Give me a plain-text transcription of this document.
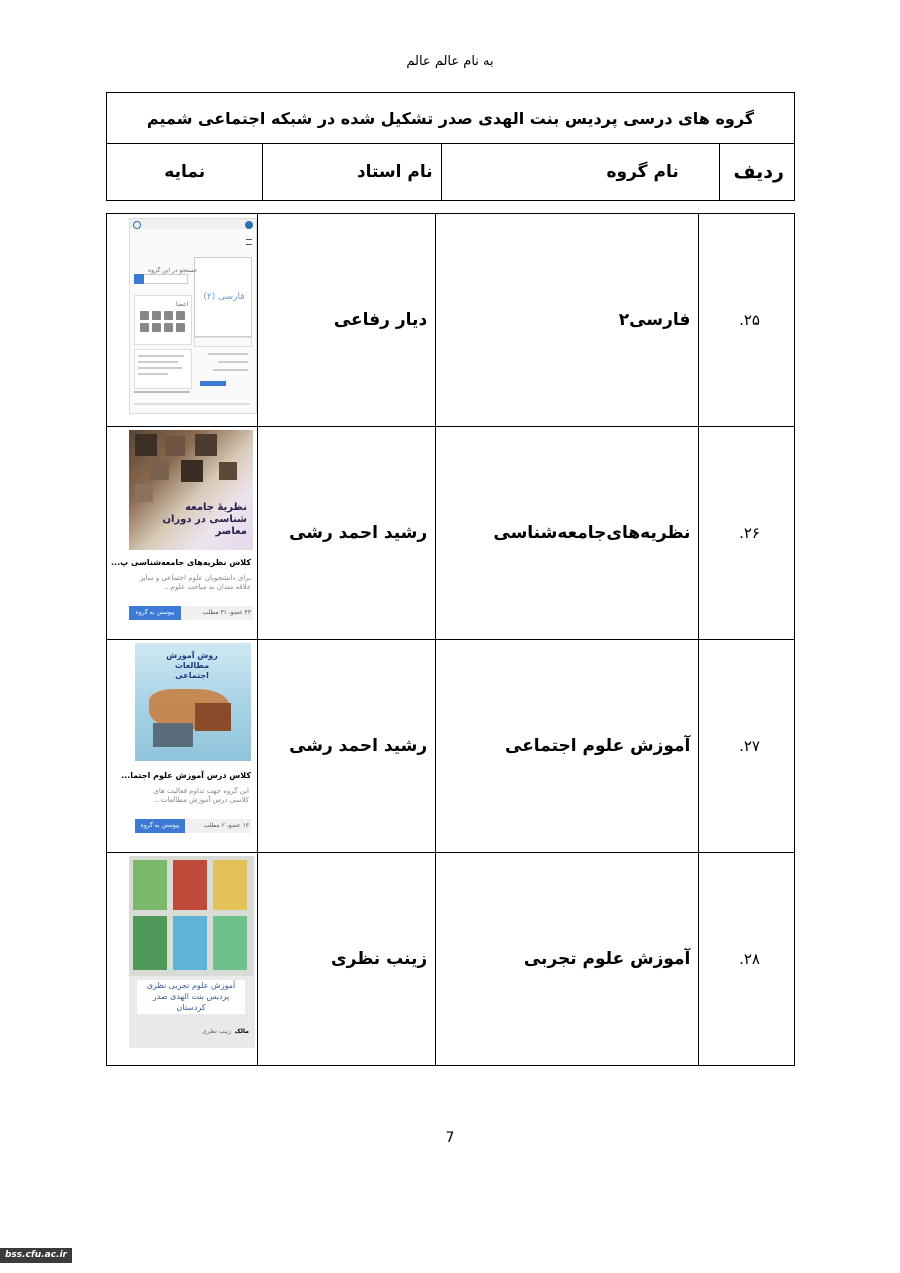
به نام عالم عالم
گروه های درسی پردیس بنت الهدی صدر تشکیل شده در شبکه اجتماعی شمیم
نمایه	نام استاد	نام گروه	ردیف
فارسی (۲)
جستجو در این گروه
اعضا	دیار رفاعی	فارسی۲	۲۵.

نظریهٔ جامعه شناسی در دوران معاصر
کلاس نظریه‌های جامعه‌شناسی پ...
برای دانشجویان علوم اجتماعی و سایر علاقه مندان به مباحث علوم...
۴۳ عضو، ۳۱ مطلب
پیوستن به گروه	رشید احمد رشی	نظریه‌های‌جامعه‌شناسی	۲۶.

روش آموزش مطالعات اجتماعی
کلاس درس آموزش علوم اجتما...
این گروه جهت تداوم فعالیت های کلاسی درس آموزش مطالعات...
۱۳ عضو، ۲ مطلب
پیوستن به گروه	رشید احمد رشی	آموزش علوم اجتماعی	۲۷.

آموزش علوم تجربی نظری پردیس بنت الهدی صدر کردستان
مالک
زینب نظری	زینب نظری	آموزش علوم تجربی	۲۸.
7
bss.cfu.ac.ir
